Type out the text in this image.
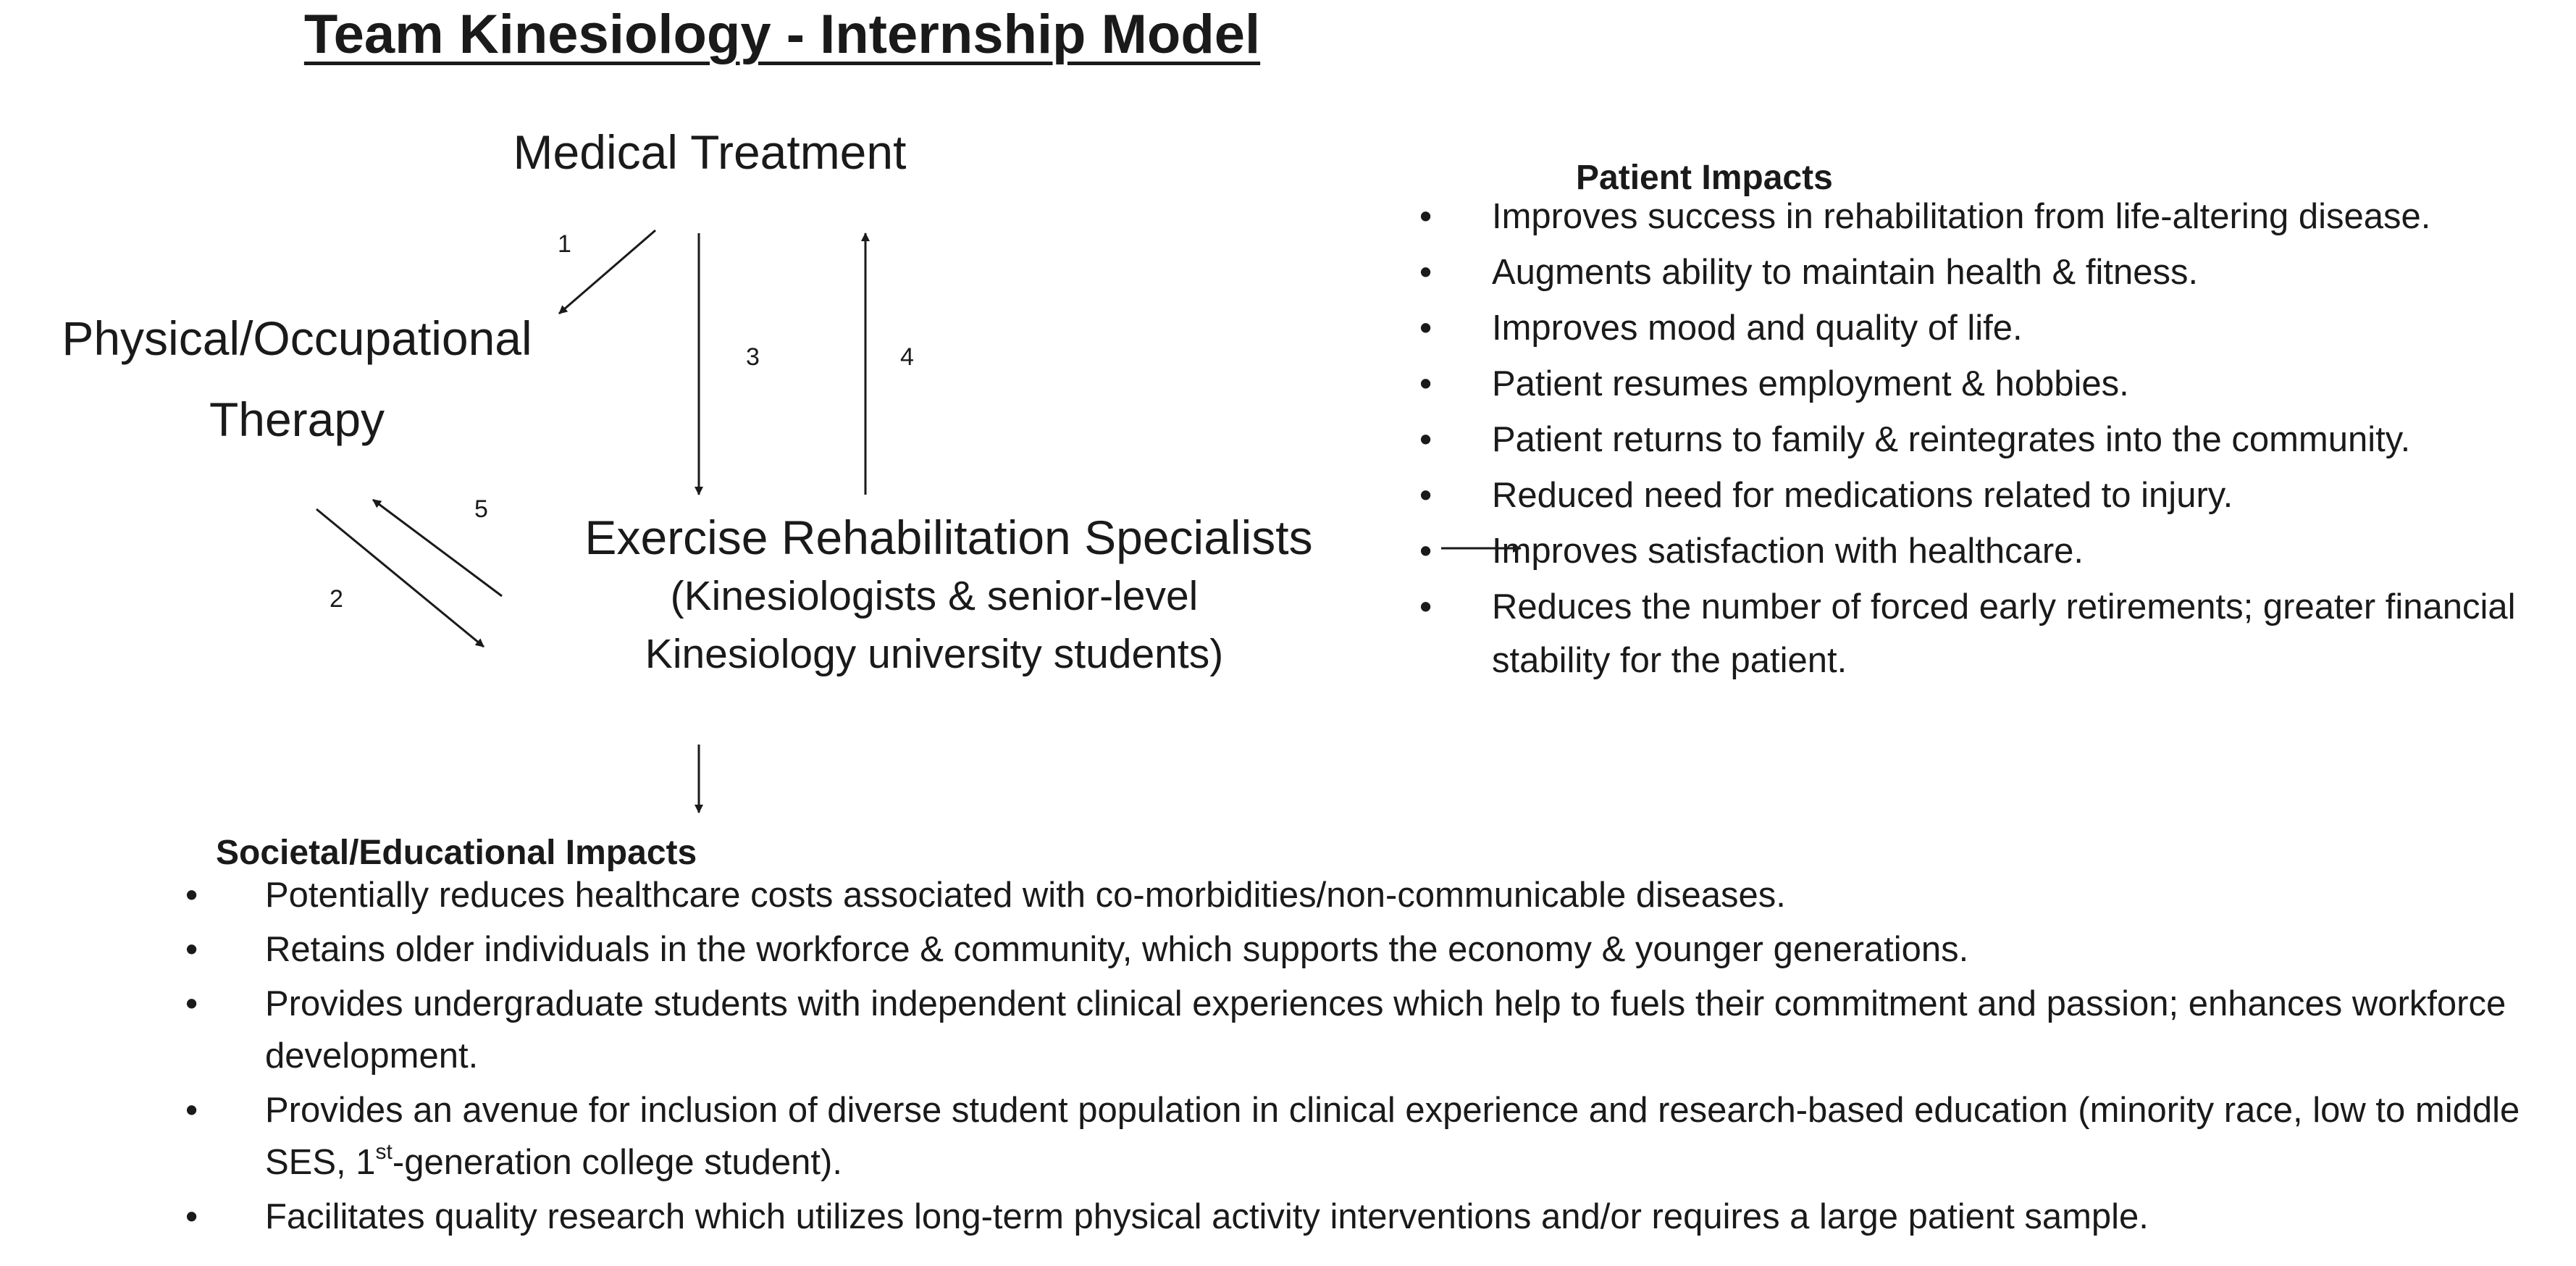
Team Kinesiology - Internship Model
Medical Treatment
Physical/Occupational
Therapy
Exercise Rehabilitation Specialists
(Kinesiologists & senior-level
Kinesiology university students)
1
2
3	4
5
Patient Impacts
• Improves success in rehabilitation from life-altering disease.
• Augments ability to maintain health & fitness.
• Improves mood and quality of life.
• Patient resumes employment & hobbies.
• Patient returns to family & reintegrates into the community.
• Reduced need for medications related to injury.
• Improves satisfaction with healthcare.
• Reduces the number of forced early retirements; greater financial stability for the patient.
Societal/Educational Impacts
• Potentially reduces healthcare costs associated with co-morbidities/non-communicable diseases.
• Retains older individuals in the workforce & community, which supports the economy & younger generations.
• Provides undergraduate students with independent clinical experiences which help to fuels their commitment and passion; enhances workforce development.
• Provides an avenue for inclusion of diverse student population in clinical experience and research-based education (minority race, low to middle SES, 1st-generation college student).
• Facilitates quality research which utilizes long-term physical activity interventions and/or requires a large patient sample.
